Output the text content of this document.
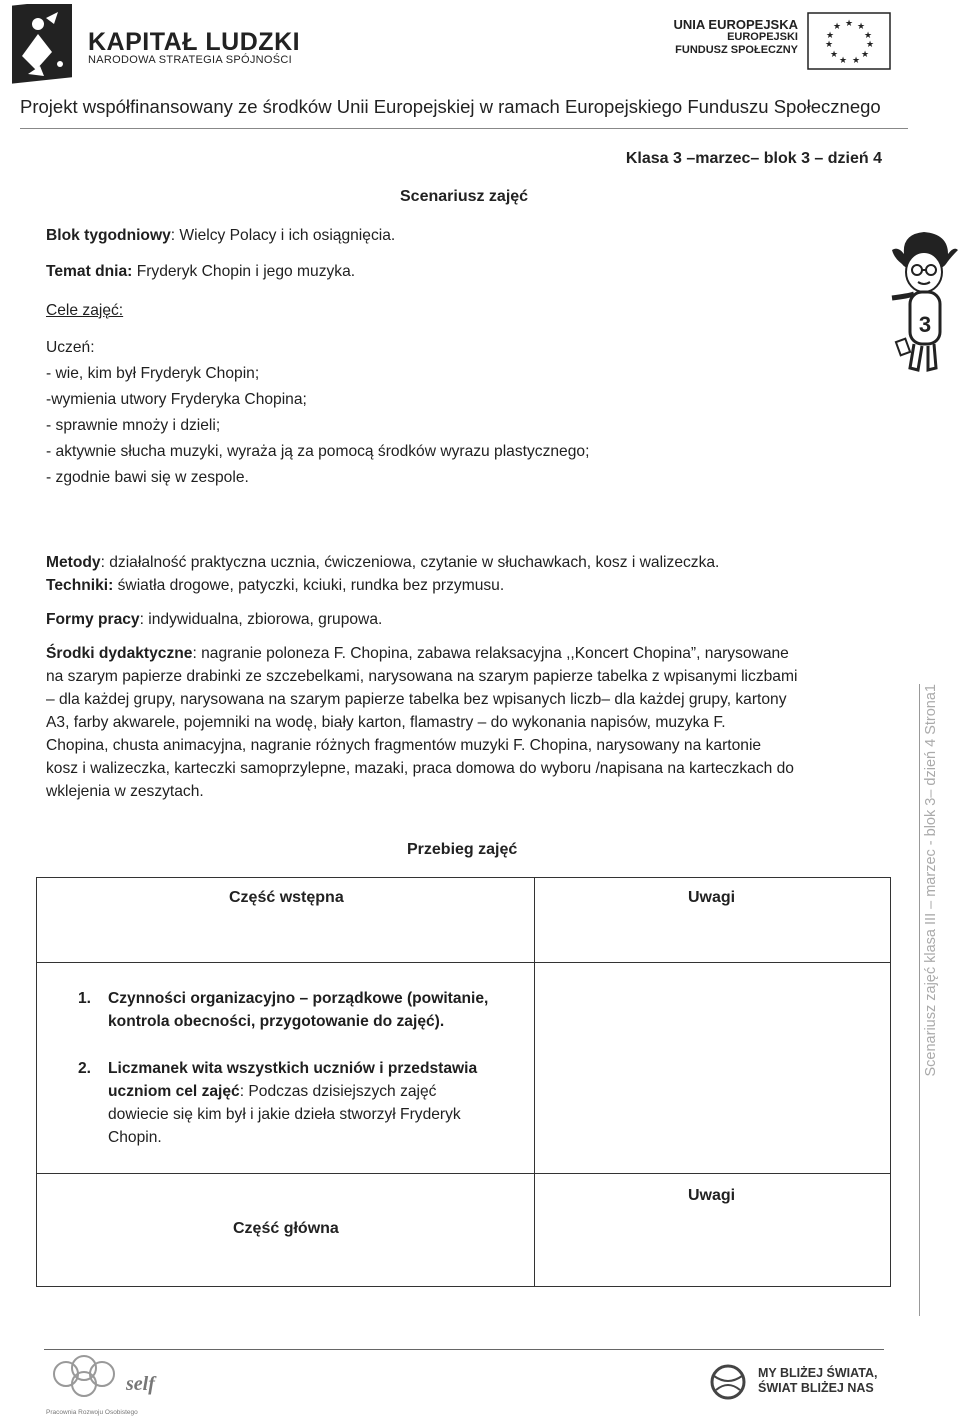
KAPITAŁ LUDZKI
NARODOWA STRATEGIA SPÓJNOŚCI
UNIA EUROPEJSKA
EUROPEJSKI
FUNDUSZ SPOŁECZNY
★ ★
★
★
★
★
★
★
★
★
★
Projekt współfinansowany ze środków Unii Europejskiej w ramach Europejskiego Funduszu Społecznego
Klasa 3 –marzec– blok 3 – dzień 4
Scenariusz zajęć
Blok tygodniowy: Wielcy Polacy i ich osiągnięcia.
Temat dnia: Fryderyk Chopin i jego muzyka.
Cele zajęć:
Uczeń:
- wie, kim był Fryderyk Chopin;
-wymienia utwory Fryderyka Chopina;
- sprawnie mnoży i dzieli;
- aktywnie słucha muzyki, wyraża ją za pomocą środków wyrazu plastycznego;
- zgodnie bawi się w zespole.
3
Metody: działalność praktyczna ucznia, ćwiczeniowa, czytanie w słuchawkach, kosz i walizeczka.
Techniki: światła drogowe, patyczki, kciuki, rundka bez przymusu.
Formy pracy: indywidualna, zbiorowa, grupowa.
Środki dydaktyczne: nagranie poloneza F. Chopina, zabawa relaksacyjna ,,Koncert Chopina”, narysowane
na szarym papierze drabinki ze szczebelkami, narysowana na szarym papierze tabelka z wpisanymi liczbami
– dla każdej grupy, narysowana na szarym papierze tabelka bez wpisanych liczb– dla każdej grupy, kartony
A3, farby akwarele, pojemniki na wodę, biały karton, flamastry – do wykonania napisów, muzyka F.
Chopina, chusta animacyjna, nagranie różnych fragmentów muzyki F. Chopina, narysowany na kartonie
kosz i walizeczka, karteczki samoprzylepne, mazaki, praca domowa do wyboru /napisana na karteczkach do
wklejenia w zeszytach.	Scenariusz zajęć klasa III – marzec - blok 3– dzień 4 Strona1
Przebieg zajęć
Część wstępna	Uwagi
1. Czynności organizacyjno – porządkowe (powitanie,
kontrola obecności, przygotowanie do zajęć).
2. Liczmanek wita wszystkich uczniów i przedstawia
uczniom cel zajęć: Podczas dzisiejszych zajęć
dowiecie się kim był i jakie dzieła stworzył Fryderyk
Chopin.
Uwagi
Część główna
self
Pracownia Rozwoju Osobistego
MY BLIŻEJ ŚWIATA,
ŚWIAT BLIŻEJ NAS
